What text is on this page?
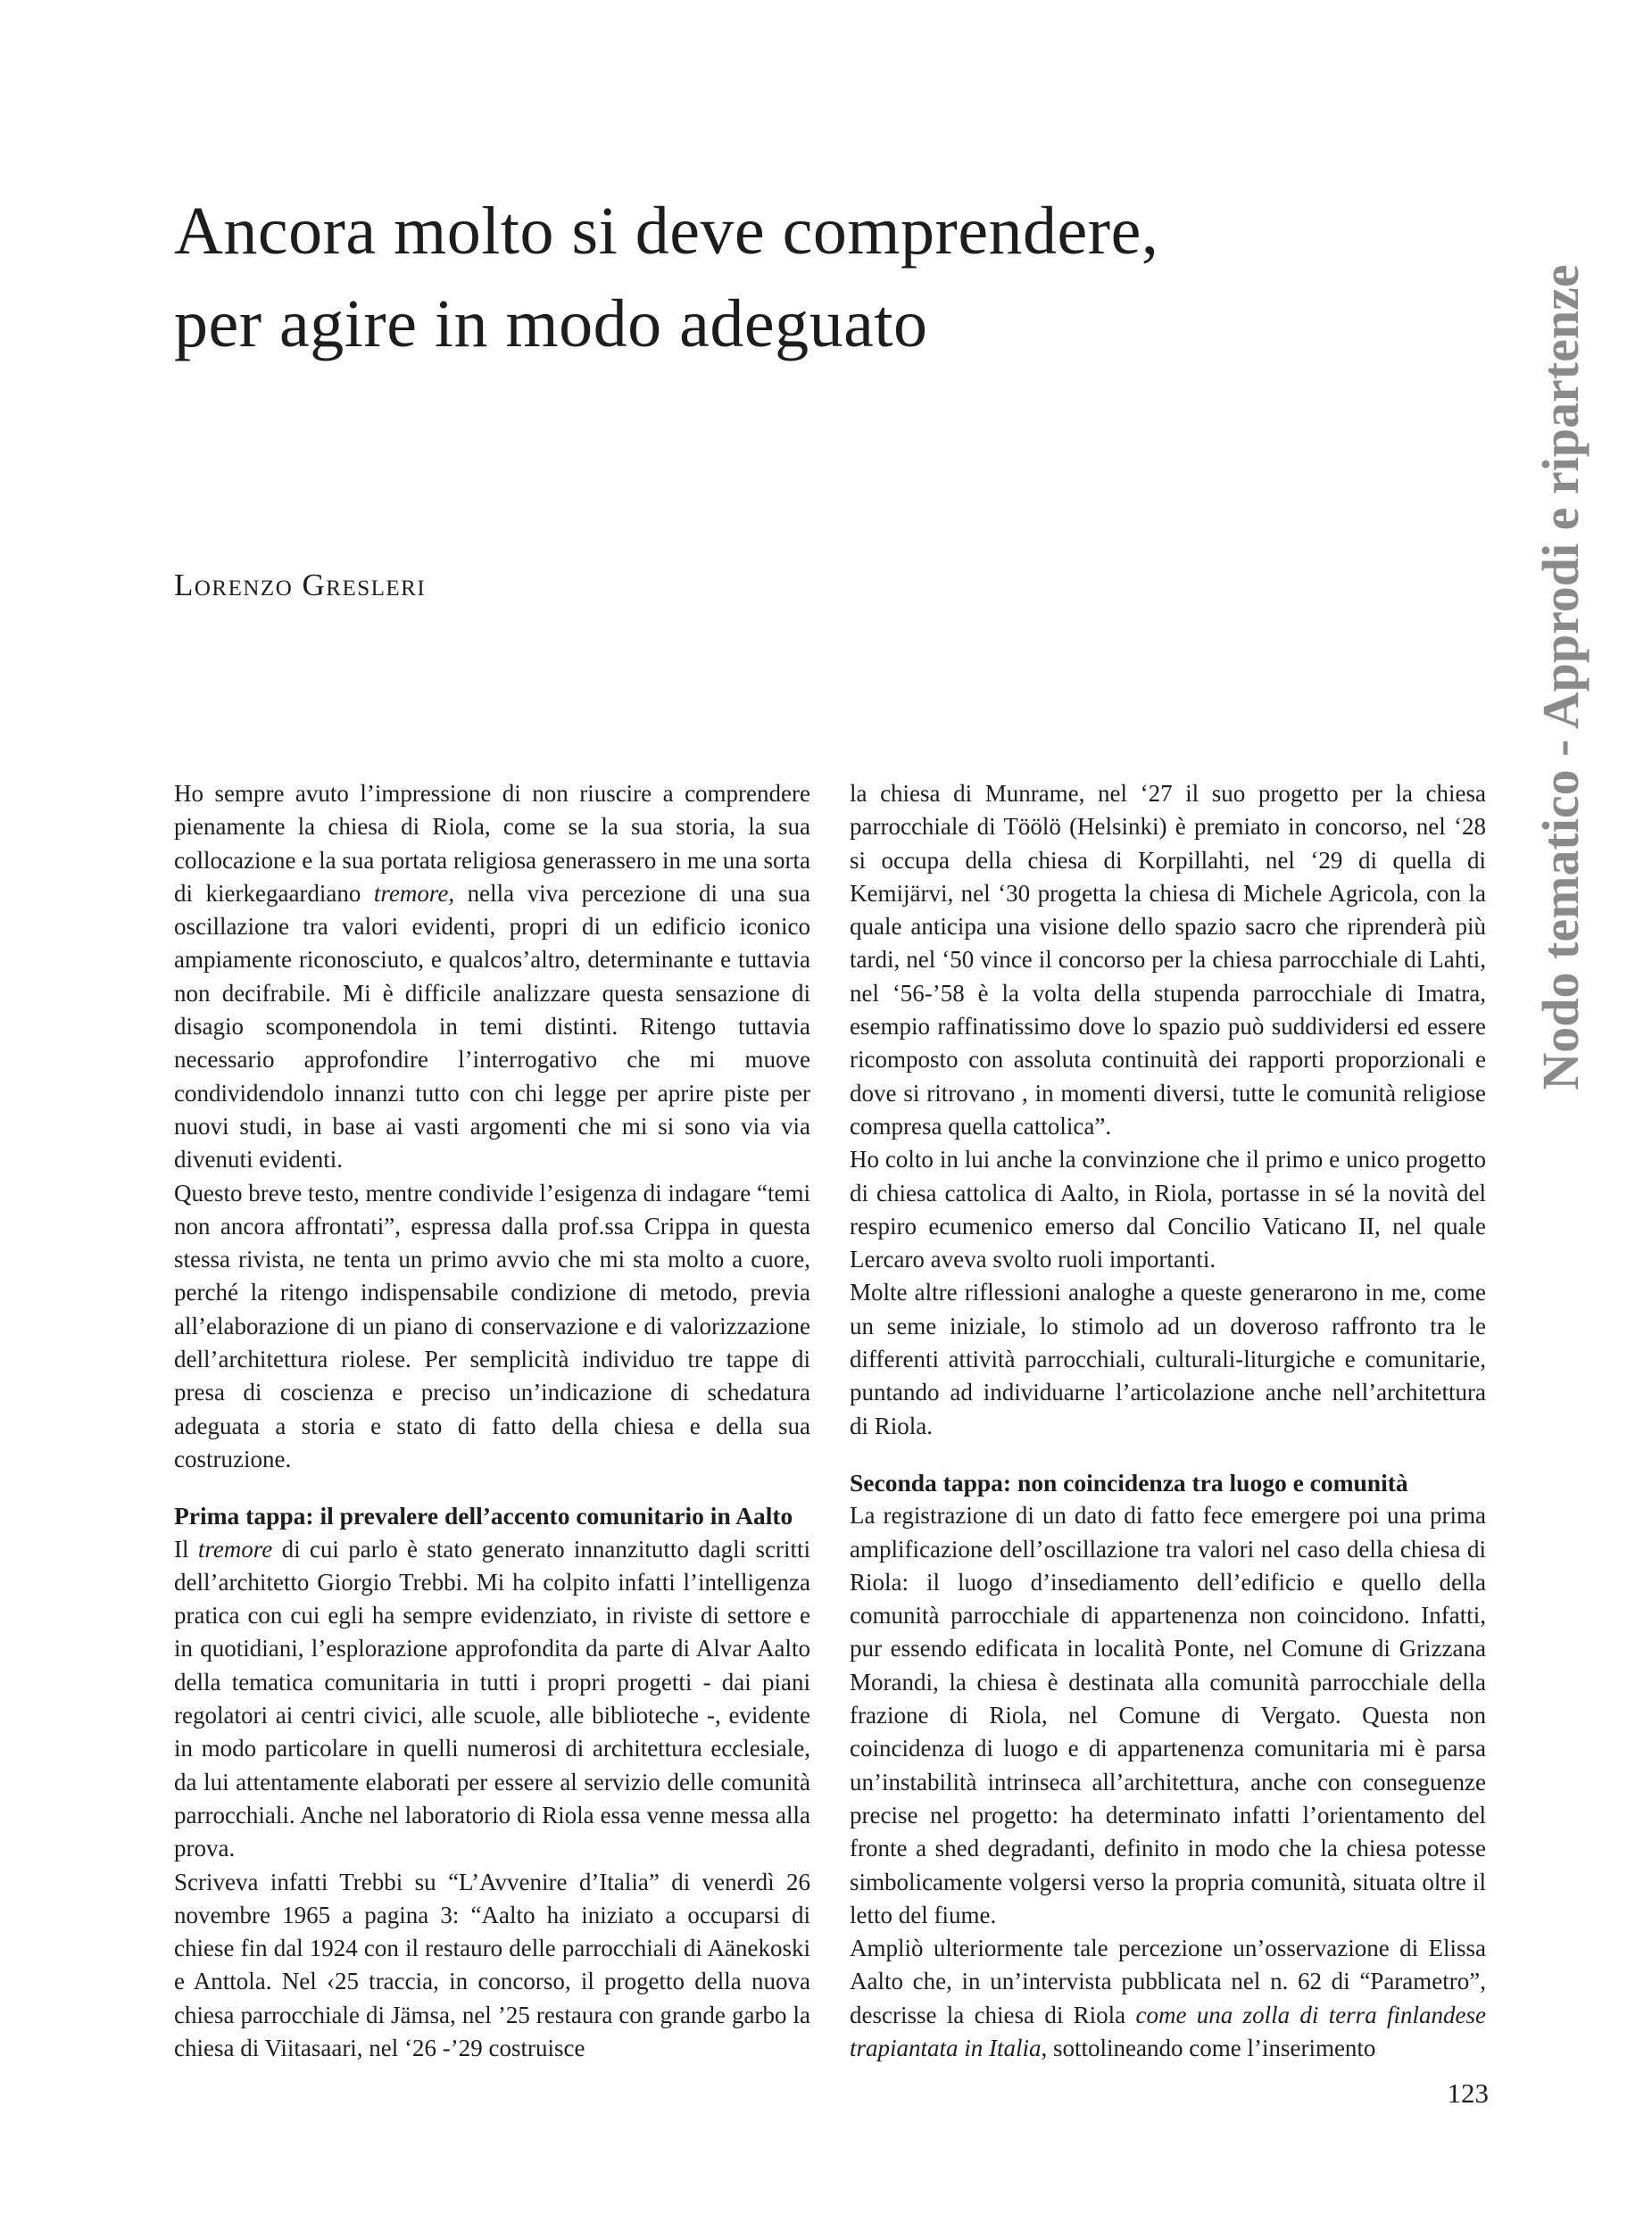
Ancora molto si deve comprendere,
per agire in modo adeguato
Lorenzo Gresleri	Nodo tematico - Approdi e ripartenze

Ho sempre avuto l’impressione di non riuscire a comprendere pienamente la chiesa di Riola, come se la sua storia, la sua collocazione e la sua portata religiosa generassero in me una sorta di kierkegaardiano tremore, nella viva percezione di una sua oscillazione tra valori evidenti, propri di un edificio iconico ampiamente riconosciuto, e qualcos’altro, determinante e tuttavia non decifrabile. Mi è difficile analizzare questa sensazione di disagio scomponendola in temi distinti. Ritengo tuttavia necessario approfondire l’interrogativo che mi muove condividendolo innanzi tutto con chi legge per aprire piste per nuovi studi, in base ai vasti argomenti che mi si sono via via divenuti evidenti.

Questo breve testo, mentre condivide l’esigenza di indagare “temi non ancora affrontati”, espressa dalla prof.ssa Crippa in questa stessa rivista, ne tenta un primo avvio che mi sta molto a cuore, perché la ritengo indispensabile condizione di metodo, previa all’elaborazione di un piano di conservazione e di valorizzazione dell’architettura riolese. Per semplicità individuo tre tappe di presa di coscienza e preciso un’indicazione di schedatura adeguata a storia e stato di fatto della chiesa e della sua costruzione.

Prima tappa: il prevalere dell’accento comunitario in Aalto

Il tremore di cui parlo è stato generato innanzitutto dagli scritti dell’architetto Giorgio Trebbi. Mi ha colpito infatti l’intelligenza pratica con cui egli ha sempre evidenziato, in riviste di settore e in quotidiani, l’esplorazione approfondita da parte di Alvar Aalto della tematica comunitaria in tutti i propri progetti - dai piani regolatori ai centri civici, alle scuole, alle biblioteche -, evidente in modo particolare in quelli numerosi di architettura ecclesiale, da lui attentamente elaborati per essere al servizio delle comunità parrocchiali. Anche nel laboratorio di Riola essa venne messa alla prova.

Scriveva infatti Trebbi su “L’Avvenire d’Italia” di venerdì 26 novembre 1965 a pagina 3: “Aalto ha iniziato a occuparsi di chiese fin dal 1924 con il restauro delle parrocchiali di Aänekoski e Anttola. Nel ‹25 traccia, in concorso, il progetto della nuova chiesa parrocchiale di Jämsa, nel ’25 restaura con grande garbo la chiesa di Viitasaari, nel ‘26 -’29 costruisce

la chiesa di Munrame, nel ‘27 il suo progetto per la chiesa parrocchiale di Töölö (Helsinki) è premiato in concorso, nel ‘28 si occupa della chiesa di Korpillahti, nel ‘29 di quella di Kemijärvi, nel ‘30 progetta la chiesa di Michele Agricola, con la quale anticipa una visione dello spazio sacro che riprenderà più tardi, nel ‘50 vince il concorso per la chiesa parrocchiale di Lahti, nel ‘56-’58 è la volta della stupenda parrocchiale di Imatra, esempio raffinatissimo dove lo spazio può suddividersi ed essere ricomposto con assoluta continuità dei rapporti proporzionali e dove si ritrovano , in momenti diversi, tutte le comunità religiose compresa quella cattolica”.

Ho colto in lui anche la convinzione che il primo e unico progetto di chiesa cattolica di Aalto, in Riola, portasse in sé la novità del respiro ecumenico emerso dal Concilio Vaticano II, nel quale Lercaro aveva svolto ruoli importanti.

Molte altre riflessioni analoghe a queste generarono in me, come un seme iniziale, lo stimolo ad un doveroso raffronto tra le differenti attività parrocchiali, culturali-liturgiche e comunitarie, puntando ad individuarne l’articolazione anche nell’architettura di Riola.

Seconda tappa: non coincidenza tra luogo e comunità

La registrazione di un dato di fatto fece emergere poi una prima amplificazione dell’oscillazione tra valori nel caso della chiesa di Riola: il luogo d’insediamento dell’edificio e quello della comunità parrocchiale di appartenenza non coincidono. Infatti, pur essendo edificata in località Ponte, nel Comune di Grizzana Morandi, la chiesa è destinata alla comunità parrocchiale della frazione di Riola, nel Comune di Vergato. Questa non coincidenza di luogo e di appartenenza comunitaria mi è parsa un’instabilità intrinseca all’architettura, anche con conseguenze precise nel progetto: ha determinato infatti l’orientamento del fronte a shed degradanti, definito in modo che la chiesa potesse simbolicamente volgersi verso la propria comunità, situata oltre il letto del fiume.

Ampliò ulteriormente tale percezione un’osservazione di Elissa Aalto che, in un’intervista pubblicata nel n. 62 di “Parametro”, descrisse la chiesa di Riola come una zolla di terra finlandese trapiantata in Italia, sottolineando come l’inserimento

123
